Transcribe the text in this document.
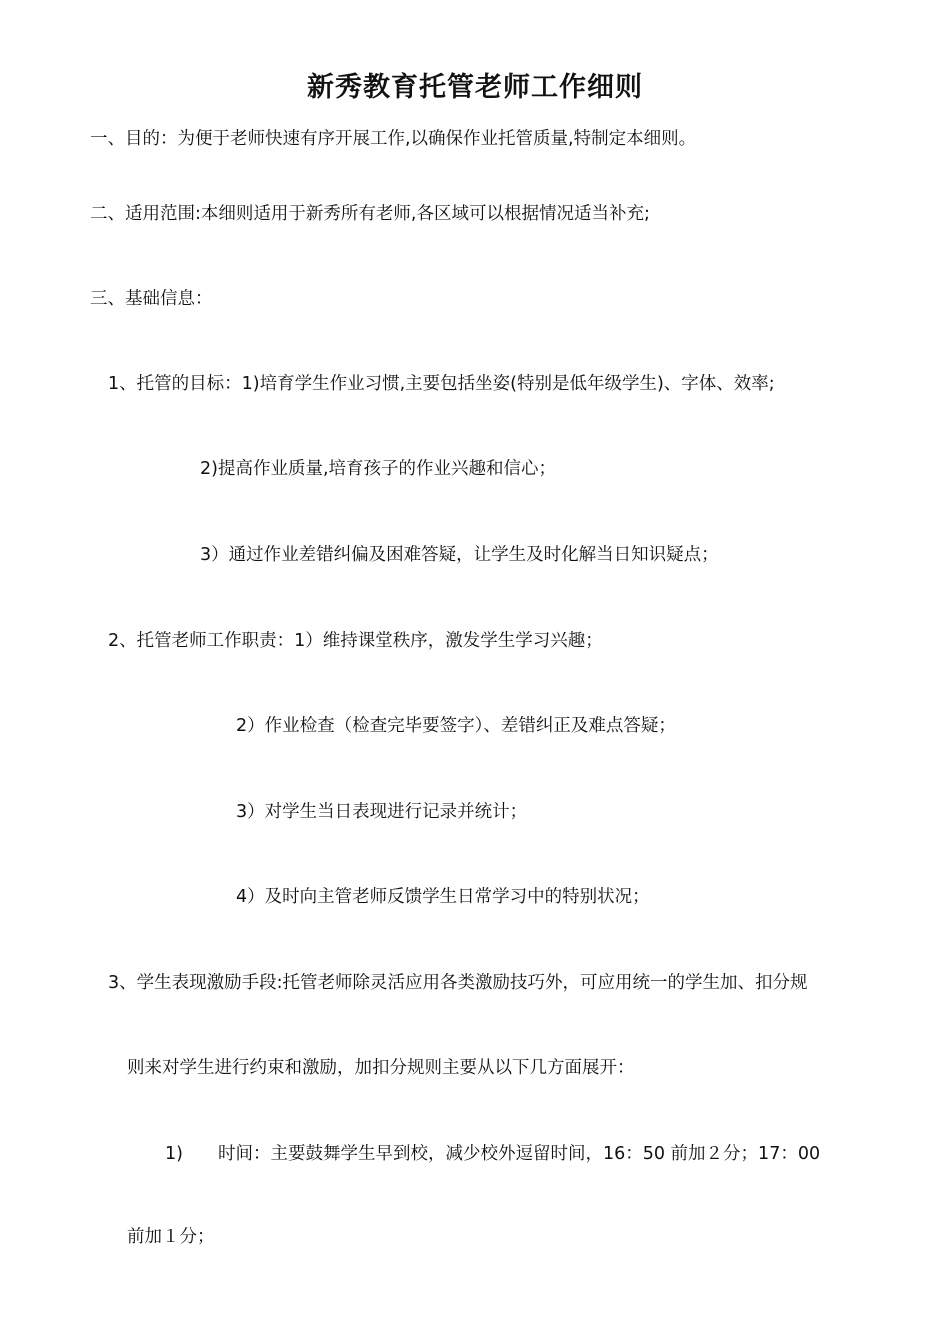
新秀教育托管老师工作细则
一、目的：为便于老师快速有序开展工作,以确保作业托管质量,特制定本细则。
二、适用范围:本细则适用于新秀所有老师,各区域可以根据情况适当补充;
三、基础信息：
1、托管的目标：1)培育学生作业习惯,主要包括坐姿(特别是低年级学生)、字体、效率;
2)提高作业质量,培育孩子的作业兴趣和信心；
3）通过作业差错纠偏及困难答疑，让学生及时化解当日知识疑点；
2、托管老师工作职责：1）维持课堂秩序，激发学生学习兴趣；
2）作业检查（检查完毕要签字）、差错纠正及难点答疑；
3）对学生当日表现进行记录并统计；
4）及时向主管老师反馈学生日常学习中的特别状况；
3、学生表现激励手段:托管老师除灵活应用各类激励技巧外，可应用统一的学生加、扣分规
则来对学生进行约束和激励，加扣分规则主要从以下几方面展开：
1)　　时间：主要鼓舞学生早到校，减少校外逗留时间，16：50 前加２分；17：00
前加１分；
